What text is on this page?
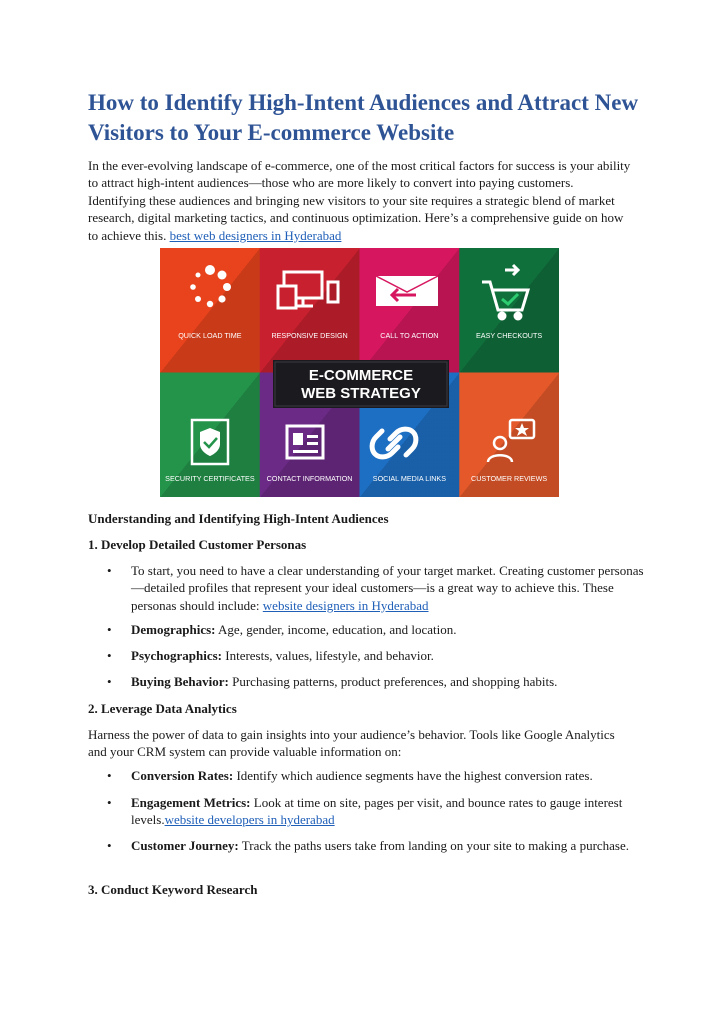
How to Identify High-Intent Audiences and Attract New Visitors to Your E-commerce Website

In the ever-evolving landscape of e-commerce, one of the most critical factors for success is your ability to attract high-intent audiences—those who are more likely to convert into paying customers. Identifying these audiences and bringing new visitors to your site requires a strategic blend of market research, digital marketing tactics, and continuous optimization. Here’s a comprehensive guide on how to achieve this. best web designers in Hyderabad

QUICK LOAD TIME	RESPONSIVE DESIGN	CALL TO ACTION	EASY CHECKOUTS
SECURITY CERTIFICATES CONTACT INFORMATION	SOCIAL MEDIA LINKS	CUSTOMER REVIEWS
E-COMMERCE
WEB STRATEGY
Understanding and Identifying High-Intent Audiences
1. Develop Detailed Customer Personas
• To start, you need to have a clear understanding of your target market. Creating customer personas—detailed profiles that represent your ideal customers—is a great way to achieve this. These personas should include: website designers in Hyderabad
• Demographics: Age, gender, income, education, and location.
• Psychographics: Interests, values, lifestyle, and behavior.
• Buying Behavior: Purchasing patterns, product preferences, and shopping habits.
2. Leverage Data Analytics

Harness the power of data to gain insights into your audience’s behavior. Tools like Google Analytics and your CRM system can provide valuable information on:

• Conversion Rates: Identify which audience segments have the highest conversion rates.
• Engagement Metrics: Look at time on site, pages per visit, and bounce rates to gauge interest levels.website developers in hyderabad
• Customer Journey: Track the paths users take from landing on your site to making a purchase.
3. Conduct Keyword Research
